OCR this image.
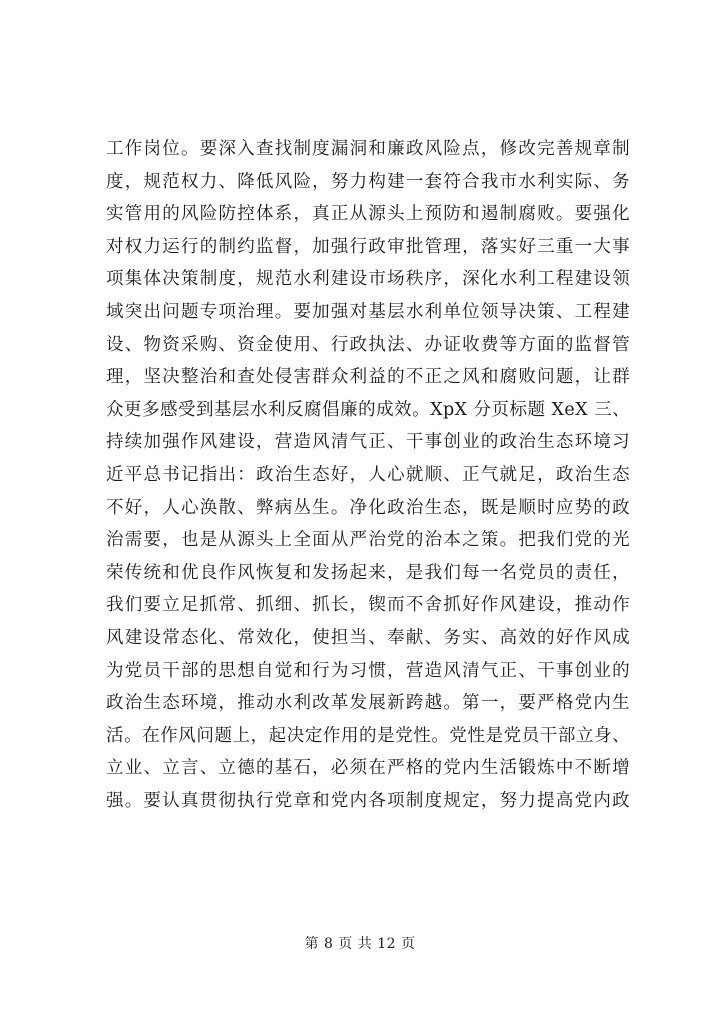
工作岗位。要深入查找制度漏洞和廉政风险点，修改完善规章制
度，规范权力、降低风险，努力构建一套符合我市水利实际、务
实管用的风险防控体系，真正从源头上预防和遏制腐败。要强化
对权力运行的制约监督，加强行政审批管理，落实好三重一大事
项集体决策制度，规范水利建设市场秩序，深化水利工程建设领
域突出问题专项治理。要加强对基层水利单位领导决策、工程建
设、物资采购、资金使用、行政执法、办证收费等方面的监督管
理，坚决整治和查处侵害群众利益的不正之风和腐败问题，让群
众更多感受到基层水利反腐倡廉的成效。XpX 分页标题 XeX 三、
持续加强作风建设，营造风清气正、干事创业的政治生态环境习
近平总书记指出：政治生态好，人心就顺、正气就足，政治生态
不好，人心涣散、弊病丛生。净化政治生态，既是顺时应势的政
治需要，也是从源头上全面从严治党的治本之策。把我们党的光
荣传统和优良作风恢复和发扬起来，是我们每一名党员的责任，
我们要立足抓常、抓细、抓长，锲而不舍抓好作风建设，推动作
风建设常态化、常效化，使担当、奉献、务实、高效的好作风成
为党员干部的思想自觉和行为习惯，营造风清气正、干事创业的
政治生态环境，推动水利改革发展新跨越。第一，要严格党内生
活。在作风问题上，起决定作用的是党性。党性是党员干部立身、
立业、立言、立德的基石，必须在严格的党内生活锻炼中不断增
强。要认真贯彻执行党章和党内各项制度规定，努力提高党内政
第 8 页 共 12 页
